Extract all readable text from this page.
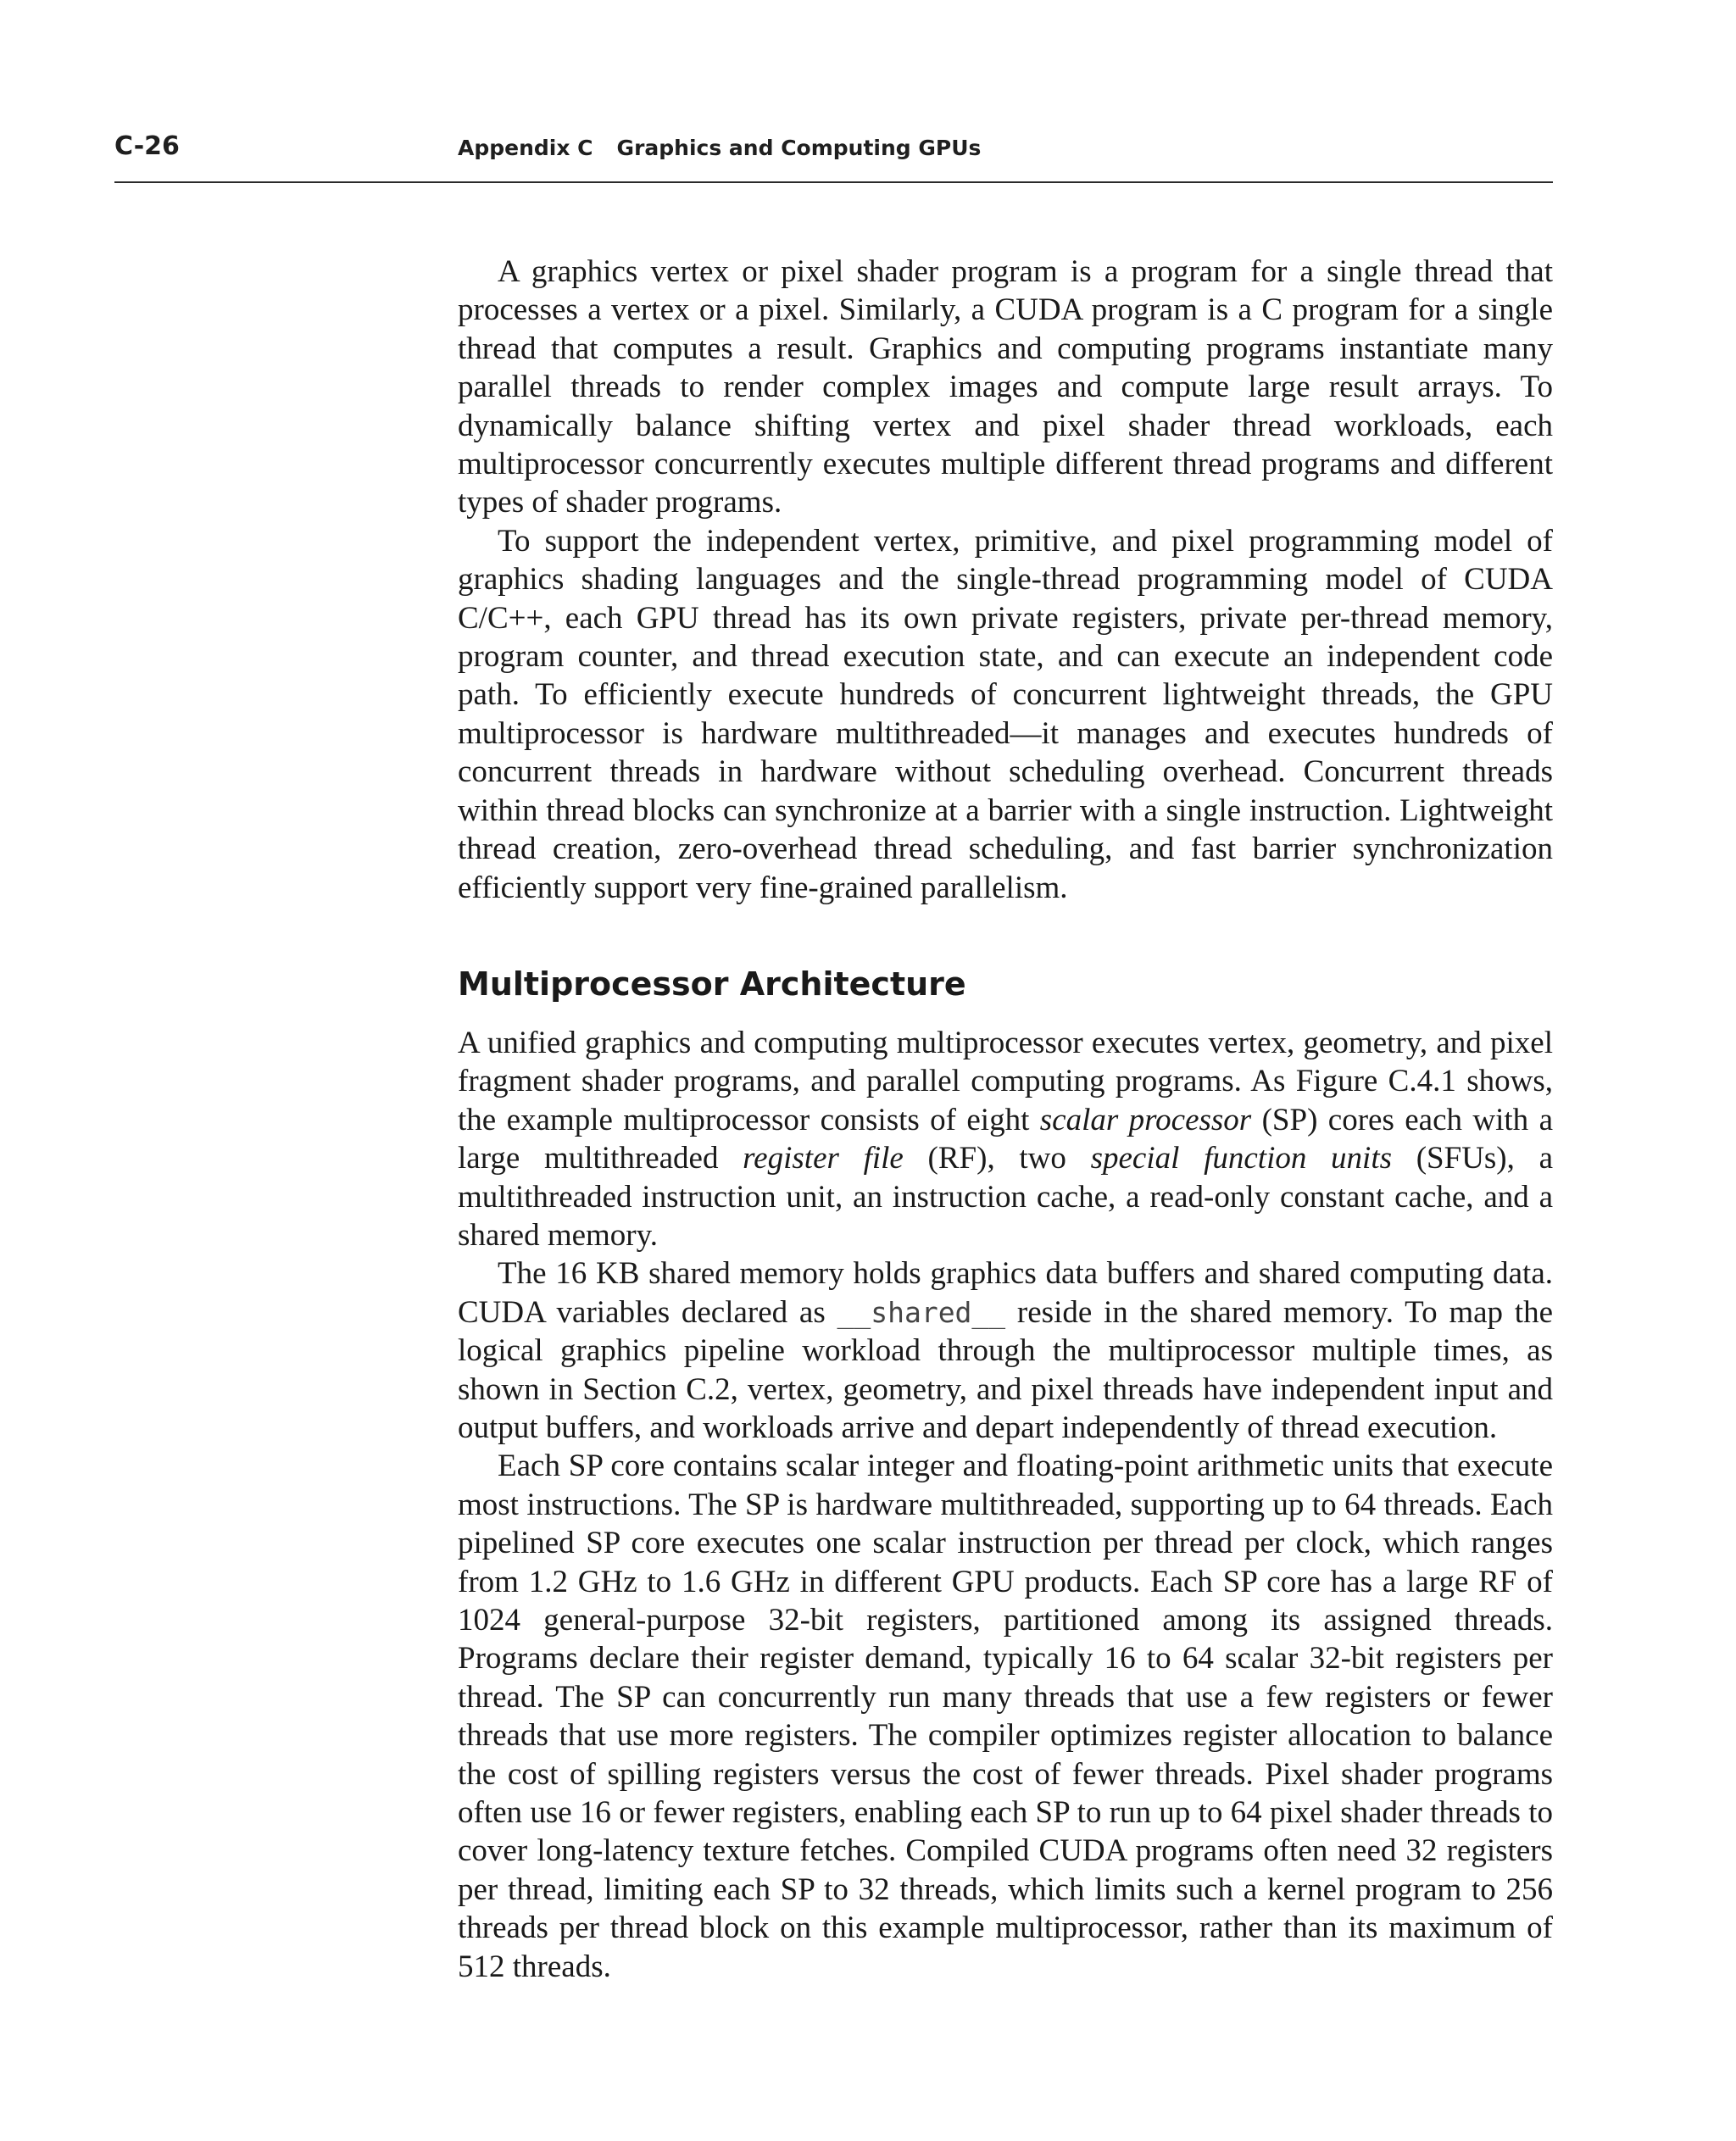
C-26	Appendix C Graphics and Computing GPUs

A graphics vertex or pixel shader program is a program for a single thread that processes a vertex or a pixel. Similarly, a CUDA program is a C program for a single thread that computes a result. Graphics and computing programs instantiate many parallel threads to render complex images and compute large result arrays. To dynamically balance shifting vertex and pixel shader thread workloads, each multiprocessor concurrently executes multiple different thread programs and different types of shader programs.

To support the independent vertex, primitive, and pixel programming model of graphics shading languages and the single-thread programming model of CUDA C/C++, each GPU thread has its own private registers, private per-thread memory, program counter, and thread execution state, and can execute an independent code path. To efficiently execute hundreds of concurrent lightweight threads, the GPU multiprocessor is hardware multithreaded—it manages and executes hundreds of concurrent threads in hardware without scheduling overhead. Concurrent threads within thread blocks can synchronize at a barrier with a single instruction. Lightweight thread creation, zero-overhead thread scheduling, and fast barrier synchronization efficiently support very fine-grained parallelism.

Multiprocessor Architecture

A unified graphics and computing multiprocessor executes vertex, geometry, and pixel fragment shader programs, and parallel computing programs. As Figure C.4.1 shows, the example multiprocessor consists of eight scalar processor (SP) cores each with a large multithreaded register file (RF), two special function units (SFUs), a multithreaded instruction unit, an instruction cache, a read-only constant cache, and a shared memory.

The 16 KB shared memory holds graphics data buffers and shared computing data. CUDA variables declared as __shared__ reside in the shared memory. To map the logical graphics pipeline workload through the multiprocessor multiple times, as shown in Section C.2, vertex, geometry, and pixel threads have independent input and output buffers, and workloads arrive and depart independently of thread execution.

Each SP core contains scalar integer and floating-point arithmetic units that execute most instructions. The SP is hardware multithreaded, supporting up to 64 threads. Each pipelined SP core executes one scalar instruction per thread per clock, which ranges from 1.2 GHz to 1.6 GHz in different GPU products. Each SP core has a large RF of 1024 general-purpose 32-bit registers, partitioned among its assigned threads. Programs declare their register demand, typically 16 to 64 scalar 32-bit registers per thread. The SP can concurrently run many threads that use a few registers or fewer threads that use more registers. The compiler optimizes register allocation to balance the cost of spilling registers versus the cost of fewer threads. Pixel shader programs often use 16 or fewer registers, enabling each SP to run up to 64 pixel shader threads to cover long-latency texture fetches. Compiled CUDA programs often need 32 registers per thread, limiting each SP to 32 threads, which limits such a kernel program to 256 threads per thread block on this example multiprocessor, rather than its maximum of 512 threads.
